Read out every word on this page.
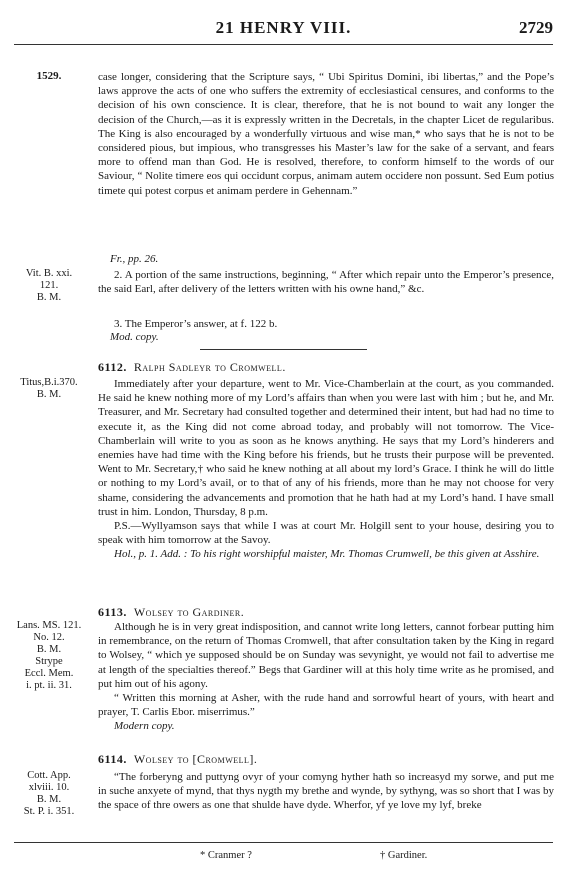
21 HENRY VIII.	2729
1529.	case longer, considering that the Scripture says, “ Ubi Spiritus Domini, ibi libertas,” and the Pope’s laws approve the acts of one who suffers the extremity of ecclesiastical censures, and conforms to the decision of his own conscience. It is clear, therefore, that he is not bound to wait any longer the decision of the Church,—as it is expressly written in the Decretals, in the chapter Licet de regularibus. The King is also encouraged by a wonderfully virtuous and wise man,* who says that he is not to be considered pious, but impious, who transgresses his Master’s law for the sake of a servant, and fears more to offend man than God. He is resolved, therefore, to conform himself to the words of our Saviour, “ Nolite timere eos qui occidunt corpus, animam autem occidere non possunt. Sed Eum potius timete qui potest corpus et animam perdere in Gehennam.”

Fr., pp. 26.
Vit. B. xxi.
121.
B. M.

2. A portion of the same instructions, beginning, “ After which repair unto the Emperor’s presence, the said Earl, after delivery of the letters written with his owne hand,” &c.

3. The Emperor’s answer, at f. 122 b.

Mod. copy.
6112. Ralph Sadleyr to Cromwell.
Titus,B.i.370.
B. M.

Immediately after your departure, went to Mr. Vice-Chamberlain at the court, as you commanded. He said he knew nothing more of my Lord’s affairs than when you were last with him ; but he, and Mr. Treasurer, and Mr. Secretary had consulted together and determined their intent, but had had no time to execute it, as the King did not come abroad today, and probably will not tomorrow. The Vice-Chamberlain will write to you as soon as he knows anything. He says that my Lord’s hinderers and enemies have had time with the King before his friends, but he trusts their purpose will be prevented. Went to Mr. Secretary,† who said he knew nothing at all about my lord’s Grace. I think he will do little or nothing to my Lord’s avail, or to that of any of his friends, more than he may not choose for very shame, considering the advancements and promotion that he hath had at my Lord’s hand. I have small trust in him. London, Thursday, 8 p.m.

P.S.—Wyllyamson says that while I was at court Mr. Holgill sent to your house, desiring you to speak with him tomorrow at the Savoy.

Hol., p. 1. Add. : To his right worshipful maister, Mr. Thomas Crumwell, be this given at Asshire.

6113. Wolsey to Gardiner.
Lans. MS. 121.
No. 12.
B. M.
Strype
Eccl. Mem.
i. pt. ii. 31.

Although he is in very great indisposition, and cannot write long letters, cannot forbear putting him in remembrance, on the return of Thomas Cromwell, that after consultation taken by the King in regard to Wolsey, “ which ye supposed should be on Sunday was sevynight, ye would not fail to advertise me at length of the specialties thereof.” Begs that Gardiner will at this holy time write as he promised, and put him out of his agony.

“ Written this morning at Asher, with the rude hand and sorrowful heart of yours, with heart and prayer, T. Carlis Ebor. miserrimus.”

Modern copy.

6114. Wolsey to [Cromwell].
Cott. App.
xlviii. 10.
B. M.
St. P. i. 351.

“The forberyng and puttyng ovyr of your comyng hyther hath so increasyd my sorwe, and put me in suche anxyete of mynd, that thys nygth my brethe and wynde, by sythyng, was so short that I was by the space of thre owers as one that shulde have dyde. Wherfor, yf ye love my lyf, breke

* Cranmer ?	† Gardiner.
